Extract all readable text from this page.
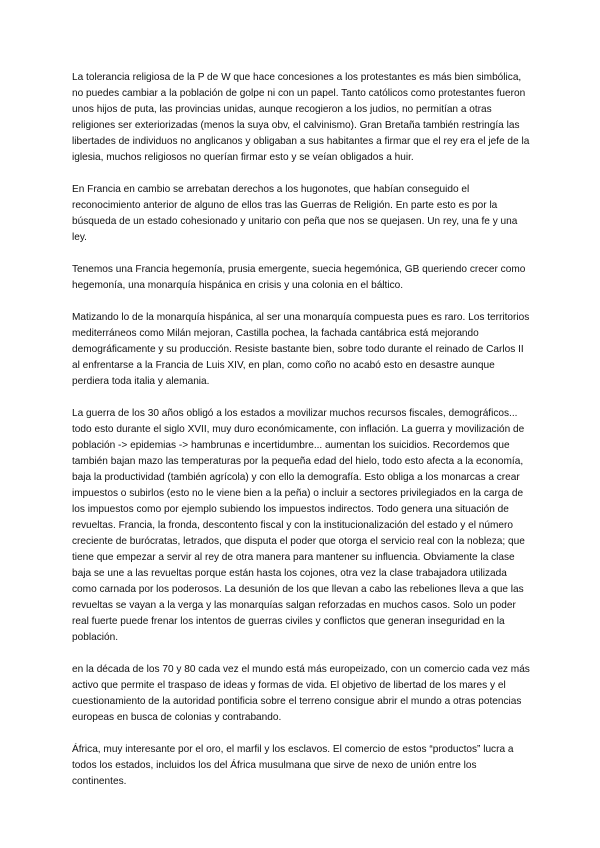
La tolerancia religiosa de la P de W que hace concesiones a los protestantes es más bien simbólica, no puedes cambiar a la población de golpe ni con un papel. Tanto católicos como protestantes fueron unos hijos de puta, las provincias unidas, aunque recogieron a los judios, no permitían a otras religiones ser exteriorizadas (menos la suya obv, el calvinismo). Gran Bretaña también restringía las libertades de individuos no anglicanos y obligaban a sus habitantes a firmar que el rey era el jefe de la iglesia, muchos religiosos no querían firmar esto y se veían obligados a huir.

En Francia en cambio se arrebatan derechos a los hugonotes, que habían conseguido el reconocimiento anterior de alguno de ellos tras las Guerras de Religión. En parte esto es por la búsqueda de un estado cohesionado y unitario con peña que nos se quejasen. Un rey, una fe y una ley.

Tenemos una Francia hegemonía, prusia emergente, suecia hegemónica, GB queriendo crecer como hegemonía, una monarquía hispánica en crisis y una colonia en el báltico.

Matizando lo de la monarquía hispánica, al ser una monarquía compuesta pues es raro. Los territorios mediterráneos como Milán mejoran, Castilla pochea, la fachada cantábrica está mejorando demográficamente y su producción. Resiste bastante bien, sobre todo durante el reinado de Carlos II al enfrentarse a la Francia de Luis XIV, en plan, como coño no acabó esto en desastre aunque perdiera toda italia y alemania.

La guerra de los 30 años obligó a los estados a movilizar muchos recursos fiscales, demográficos... todo esto durante el siglo XVII, muy duro económicamente, con inflación. La guerra y movilización de población -> epidemias -> hambrunas e incertidumbre... aumentan los suicidios. Recordemos que también bajan mazo las temperaturas por la pequeña edad del hielo, todo esto afecta a la economía, baja la productividad (también agrícola) y con ello la demografía. Esto obliga a los monarcas a crear impuestos o subirlos (esto no le viene bien a la peña) o incluir a sectores privilegiados en la carga de los impuestos como por ejemplo subiendo los impuestos indirectos. Todo genera una situación de revueltas. Francia, la fronda, descontento fiscal y con la institucionalización del estado y el número creciente de burócratas, letrados, que disputa el poder que otorga el servicio real con la nobleza; que tiene que empezar a servir al rey de otra manera para mantener su influencia. Obviamente la clase baja se une a las revueltas porque están hasta los cojones, otra vez la clase trabajadora utilizada como carnada por los poderosos. La desunión de los que llevan a cabo las rebeliones lleva a que las revueltas se vayan a la verga y las monarquías salgan reforzadas en muchos casos. Solo un poder real fuerte puede frenar los intentos de guerras civiles y conflictos que generan inseguridad en la población.

en la década de los 70 y 80 cada vez el mundo está más europeizado, con un comercio cada vez más activo que permite el traspaso de ideas y formas de vida. El objetivo de libertad de los mares y el cuestionamiento de la autoridad pontificia sobre el terreno consigue abrir el mundo a otras potencias europeas en busca de colonias y contrabando.

África, muy interesante por el oro, el marfil y los esclavos. El comercio de estos “productos” lucra a todos los estados, incluidos los del África musulmana que sirve de nexo de unión entre los continentes.
